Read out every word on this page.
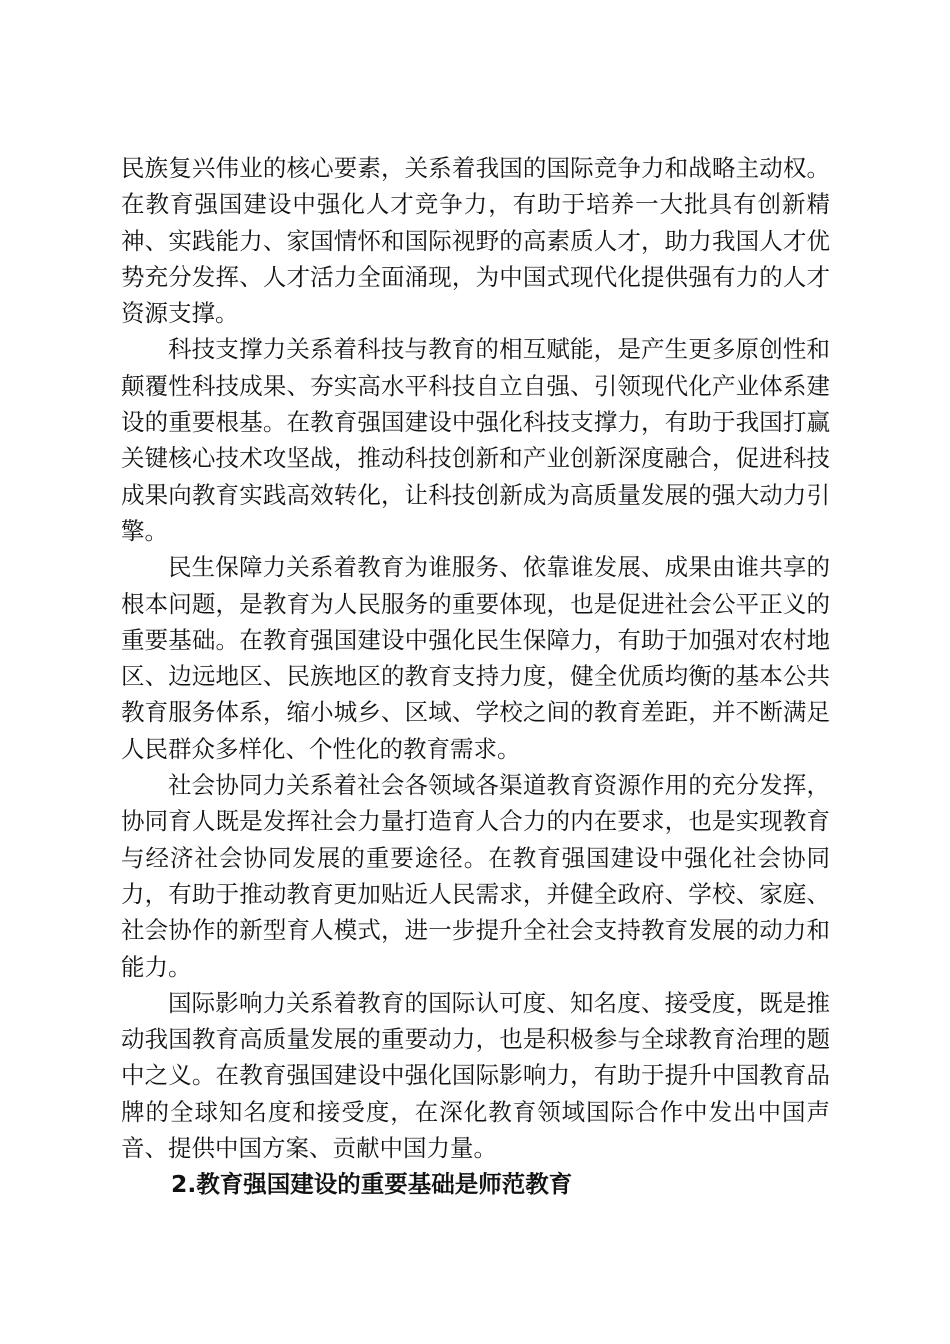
民族复兴伟业的核心要素，关系着我国的国际竞争力和战略主动权。在教育强国建设中强化人才竞争力，有助于培养一大批具有创新精神、实践能力、家国情怀和国际视野的高素质人才，助力我国人才优势充分发挥、人才活力全面涌现，为中国式现代化提供强有力的人才资源支撑。

科技支撑力关系着科技与教育的相互赋能，是产生更多原创性和颠覆性科技成果、夯实高水平科技自立自强、引领现代化产业体系建设的重要根基。在教育强国建设中强化科技支撑力，有助于我国打赢关键核心技术攻坚战，推动科技创新和产业创新深度融合，促进科技成果向教育实践高效转化，让科技创新成为高质量发展的强大动力引擎。

民生保障力关系着教育为谁服务、依靠谁发展、成果由谁共享的根本问题，是教育为人民服务的重要体现，也是促进社会公平正义的重要基础。在教育强国建设中强化民生保障力，有助于加强对农村地区、边远地区、民族地区的教育支持力度，健全优质均衡的基本公共教育服务体系，缩小城乡、区域、学校之间的教育差距，并不断满足人民群众多样化、个性化的教育需求。

社会协同力关系着社会各领域各渠道教育资源作用的充分发挥，协同育人既是发挥社会力量打造育人合力的内在要求，也是实现教育与经济社会协同发展的重要途径。在教育强国建设中强化社会协同力，有助于推动教育更加贴近人民需求，并健全政府、学校、家庭、社会协作的新型育人模式，进一步提升全社会支持教育发展的动力和能力。

国际影响力关系着教育的国际认可度、知名度、接受度，既是推动我国教育高质量发展的重要动力，也是积极参与全球教育治理的题中之义。在教育强国建设中强化国际影响力，有助于提升中国教育品牌的全球知名度和接受度，在深化教育领域国际合作中发出中国声音、提供中国方案、贡献中国力量。

2.教育强国建设的重要基础是师范教育
